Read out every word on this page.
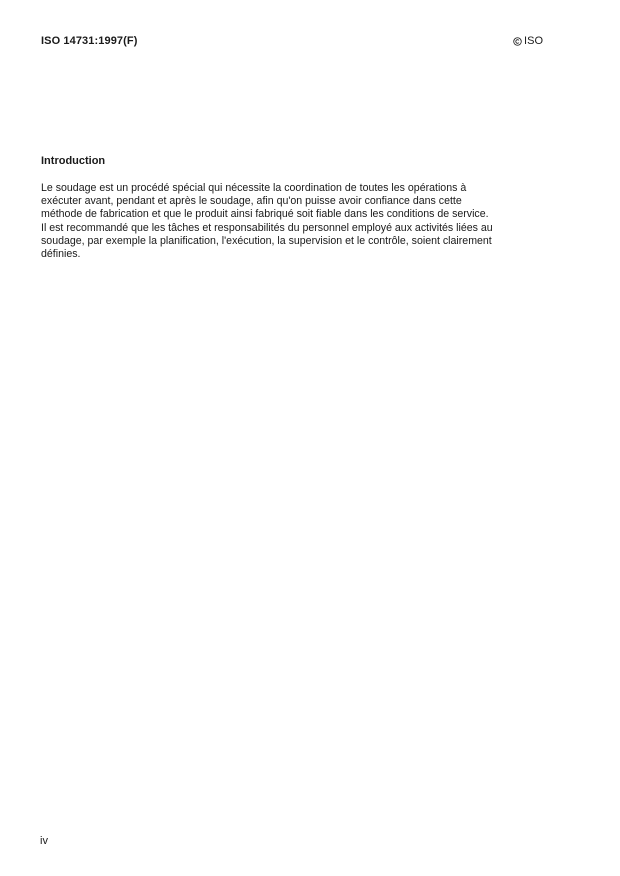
ISO 14731:1997(F)	ISO
Introduction

Le soudage est un procédé spécial qui nécessite la coordination de toutes les opérations à
exécuter avant, pendant et après le soudage, afin qu'on puisse avoir confiance dans cette
méthode de fabrication et que le produit ainsi fabriqué soit fiable dans les conditions de service.
Il est recommandé que les tâches et responsabilités du personnel employé aux activités liées au
soudage, par exemple la planification, l'exécution, la supervision et le contrôle, soient clairement
définies.

iv
